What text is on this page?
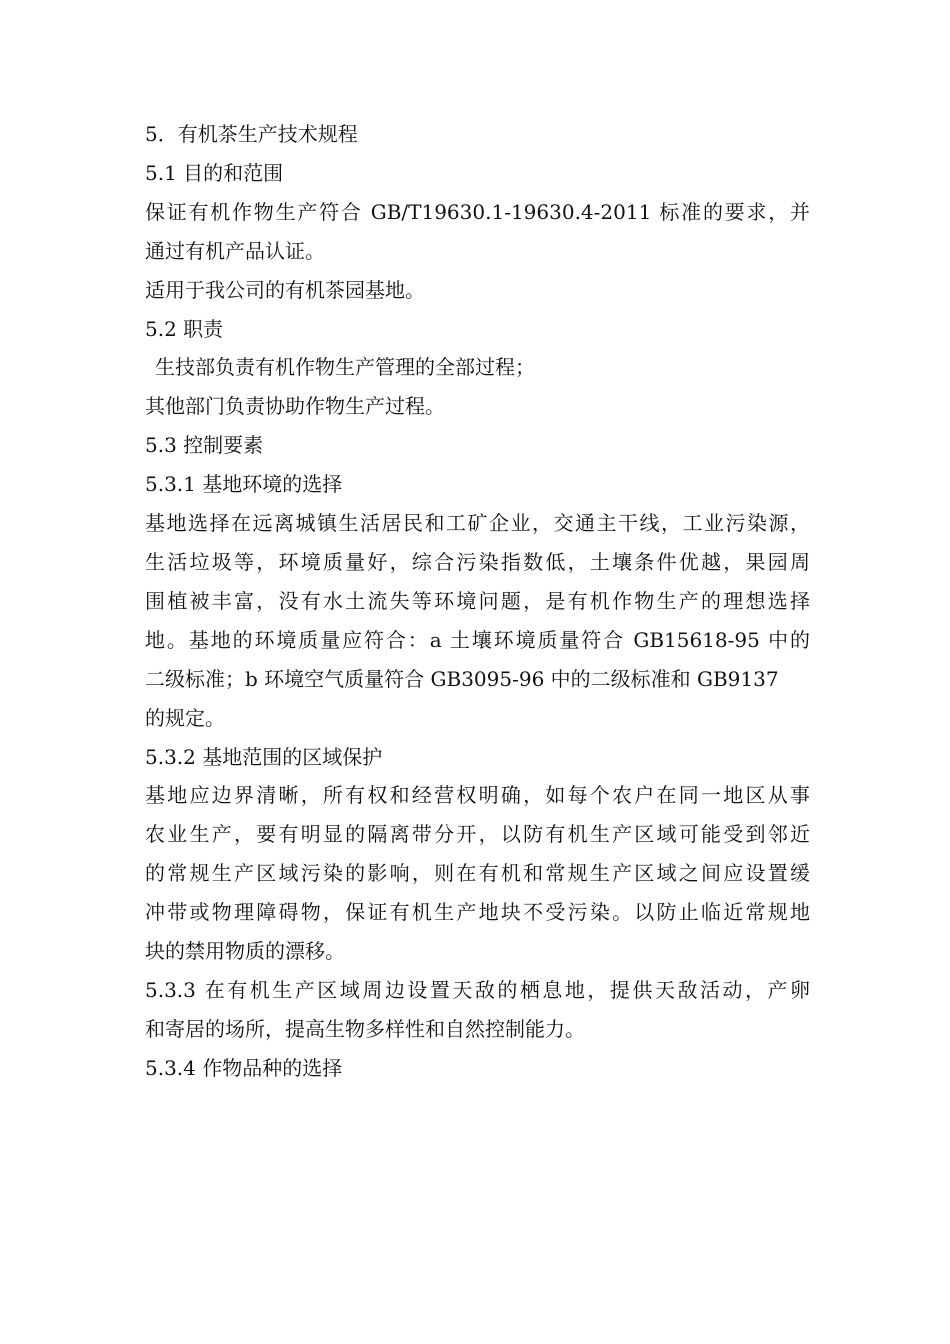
5．有机茶生产技术规程
5.1 目的和范围
保证有机作物生产符合 GB/T19630.1-19630.4-2011 标准的要求，并
通过有机产品认证。
适用于我公司的有机茶园基地。
5.2 职责
生技部负责有机作物生产管理的全部过程；
其他部门负责协助作物生产过程。
5.3 控制要素
5.3.1 基地环境的选择
基地选择在远离城镇生活居民和工矿企业，交通主干线，工业污染源，
生活垃圾等，环境质量好，综合污染指数低，土壤条件优越，果园周
围植被丰富，没有水土流失等环境问题，是有机作物生产的理想选择
地。基地的环境质量应符合：a 土壤环境质量符合 GB15618-95 中的
二级标准；b 环境空气质量符合 GB3095-96 中的二级标准和 GB9137
的规定。
5.3.2 基地范围的区域保护
基地应边界清晰，所有权和经营权明确，如每个农户在同一地区从事
农业生产，要有明显的隔离带分开，以防有机生产区域可能受到邻近
的常规生产区域污染的影响，则在有机和常规生产区域之间应设置缓
冲带或物理障碍物，保证有机生产地块不受污染。以防止临近常规地
块的禁用物质的漂移。
5.3.3 在有机生产区域周边设置天敌的栖息地，提供天敌活动，产卵
和寄居的场所，提高生物多样性和自然控制能力。
5.3.4 作物品种的选择
